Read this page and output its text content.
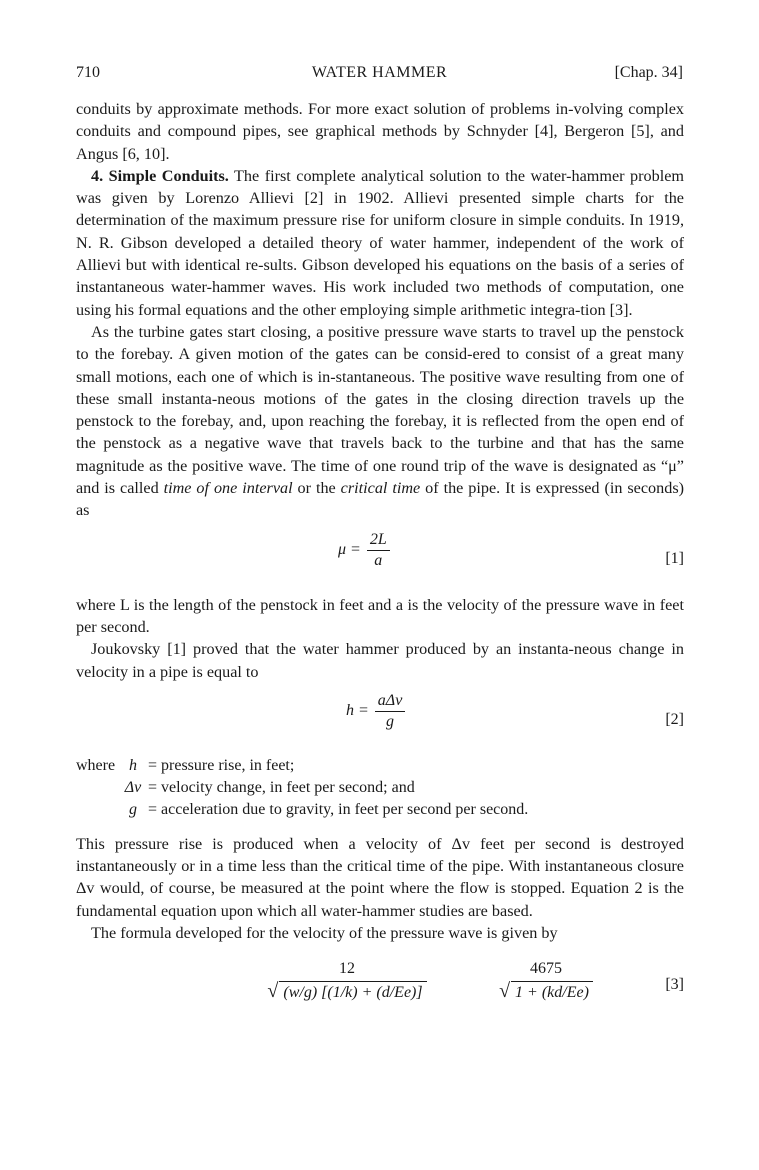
710	WATER HAMMER	[Chap. 34]

conduits by approximate methods. For more exact solution of problems in-volving complex conduits and compound pipes, see graphical methods by Schnyder [4], Bergeron [5], and Angus [6, 10].

4. Simple Conduits. The first complete analytical solution to the water-hammer problem was given by Lorenzo Allievi [2] in 1902. Allievi presented simple charts for the determination of the maximum pressure rise for uniform closure in simple conduits. In 1919, N. R. Gibson developed a detailed theory of water hammer, independent of the work of Allievi but with identical re-sults. Gibson developed his equations on the basis of a series of instantaneous water-hammer waves. His work included two methods of computation, one using his formal equations and the other employing simple arithmetic integra-tion [3].

As the turbine gates start closing, a positive pressure wave starts to travel up the penstock to the forebay. A given motion of the gates can be consid-ered to consist of a great many small motions, each one of which is in-stantaneous. The positive wave resulting from one of these small instanta-neous motions of the gates in the closing direction travels up the penstock to the forebay, and, upon reaching the forebay, it is reflected from the open end of the penstock as a negative wave that travels back to the turbine and that has the same magnitude as the positive wave. The time of one round trip of the wave is designated as “μ” and is called time of one interval or the critical time of the pipe. It is expressed (in seconds) as

$\mu = \frac{2L}{a}$	[1]

where L is the length of the penstock in feet and a is the velocity of the pressure wave in feet per second.

Joukovsky [1] proved that the water hammer produced by an instanta-neous change in velocity in a pipe is equal to

$h = \frac{\text{aΔv}}{g}$	[2]
where h = pressure rise, in feet;
Δv = velocity change, in feet per second; and
g = acceleration due to gravity, in feet per second per second.

This pressure rise is produced when a velocity of Δv feet per second is destroyed instantaneously or in a time less than the critical time of the pipe. With instantaneous closure Δv would, of course, be measured at the point where the flow is stopped. Equation 2 is the fundamental equation upon which all water-hammer studies are based.

The formula developed for the velocity of the pressure wave is given by

12
√ (w/g) [(1/k) + (d/Ee)]
4675
√ 1 + (kd/Ee)	[3]
